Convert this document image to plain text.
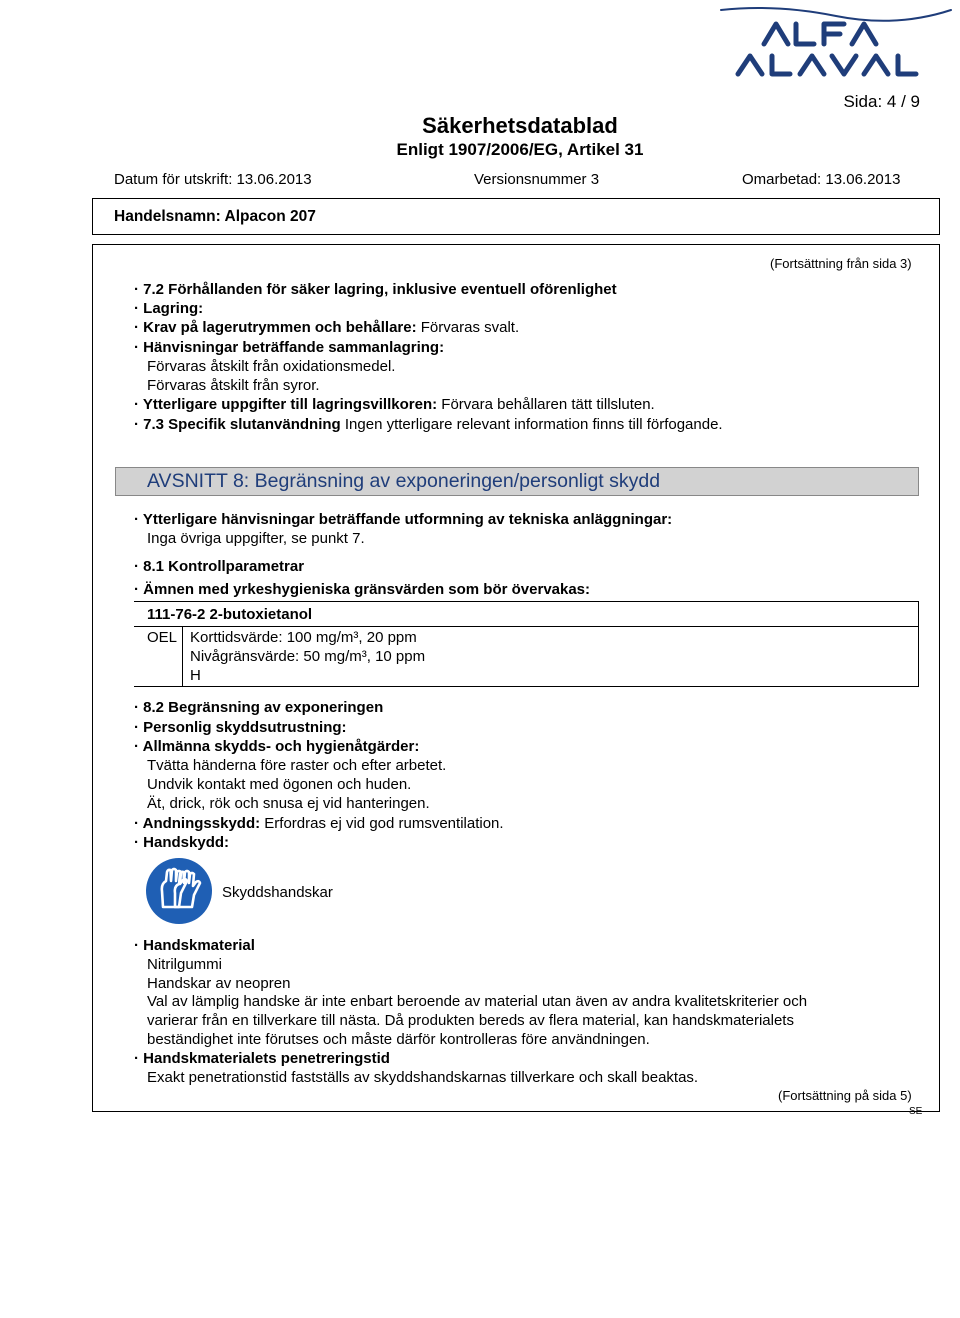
Sida: 4 / 9
Säkerhetsdatablad
Enligt 1907/2006/EG, Artikel 31
Datum för utskrift: 13.06.2013	Versionsnummer 3	Omarbetad: 13.06.2013
Handelsnamn: Alpacon 207
(Fortsättning från sida 3)
· 7.2 Förhållanden för säker lagring, inklusive eventuell oförenlighet
· Lagring:
· Krav på lagerutrymmen och behållare: Förvaras svalt.
· Hänvisningar beträffande sammanlagring:
Förvaras åtskilt från oxidationsmedel.
Förvaras åtskilt från syror.
· Ytterligare uppgifter till lagringsvillkoren: Förvara behållaren tätt tillsluten.
· 7.3 Specifik slutanvändning Ingen ytterligare relevant information finns till förfogande.
AVSNITT 8: Begränsning av exponeringen/personligt skydd
· Ytterligare hänvisningar beträffande utformning av tekniska anläggningar:
Inga övriga uppgifter, se punkt 7.
· 8.1 Kontrollparametrar
· Ämnen med yrkeshygieniska gränsvärden som bör övervakas:
111-76-2 2-butoxietanol
OEL Korttidsvärde: 100 mg/m³, 20 ppm
Nivågränsvärde: 50 mg/m³, 10 ppm
H
· 8.2 Begränsning av exponeringen
· Personlig skyddsutrustning:
· Allmänna skydds- och hygienåtgärder:
Tvätta händerna före raster och efter arbetet.
Undvik kontakt med ögonen och huden.
Ät, drick, rök och snusa ej vid hanteringen.
· Andningsskydd: Erfordras ej vid god rumsventilation.
· Handskydd:
Skyddshandskar
· Handskmaterial
Nitrilgummi
Handskar av neopren
Val av lämplig handske är inte enbart beroende av material utan även av andra kvalitetskriterier och
varierar från en tillverkare till nästa. Då produkten bereds av flera material, kan handskmaterialets
beständighet inte förutses och måste därför kontrolleras före användningen.
· Handskmaterialets penetreringstid
Exakt penetrationstid fastställs av skyddshandskarnas tillverkare och skall beaktas.
(Fortsättning på sida 5)
SE
